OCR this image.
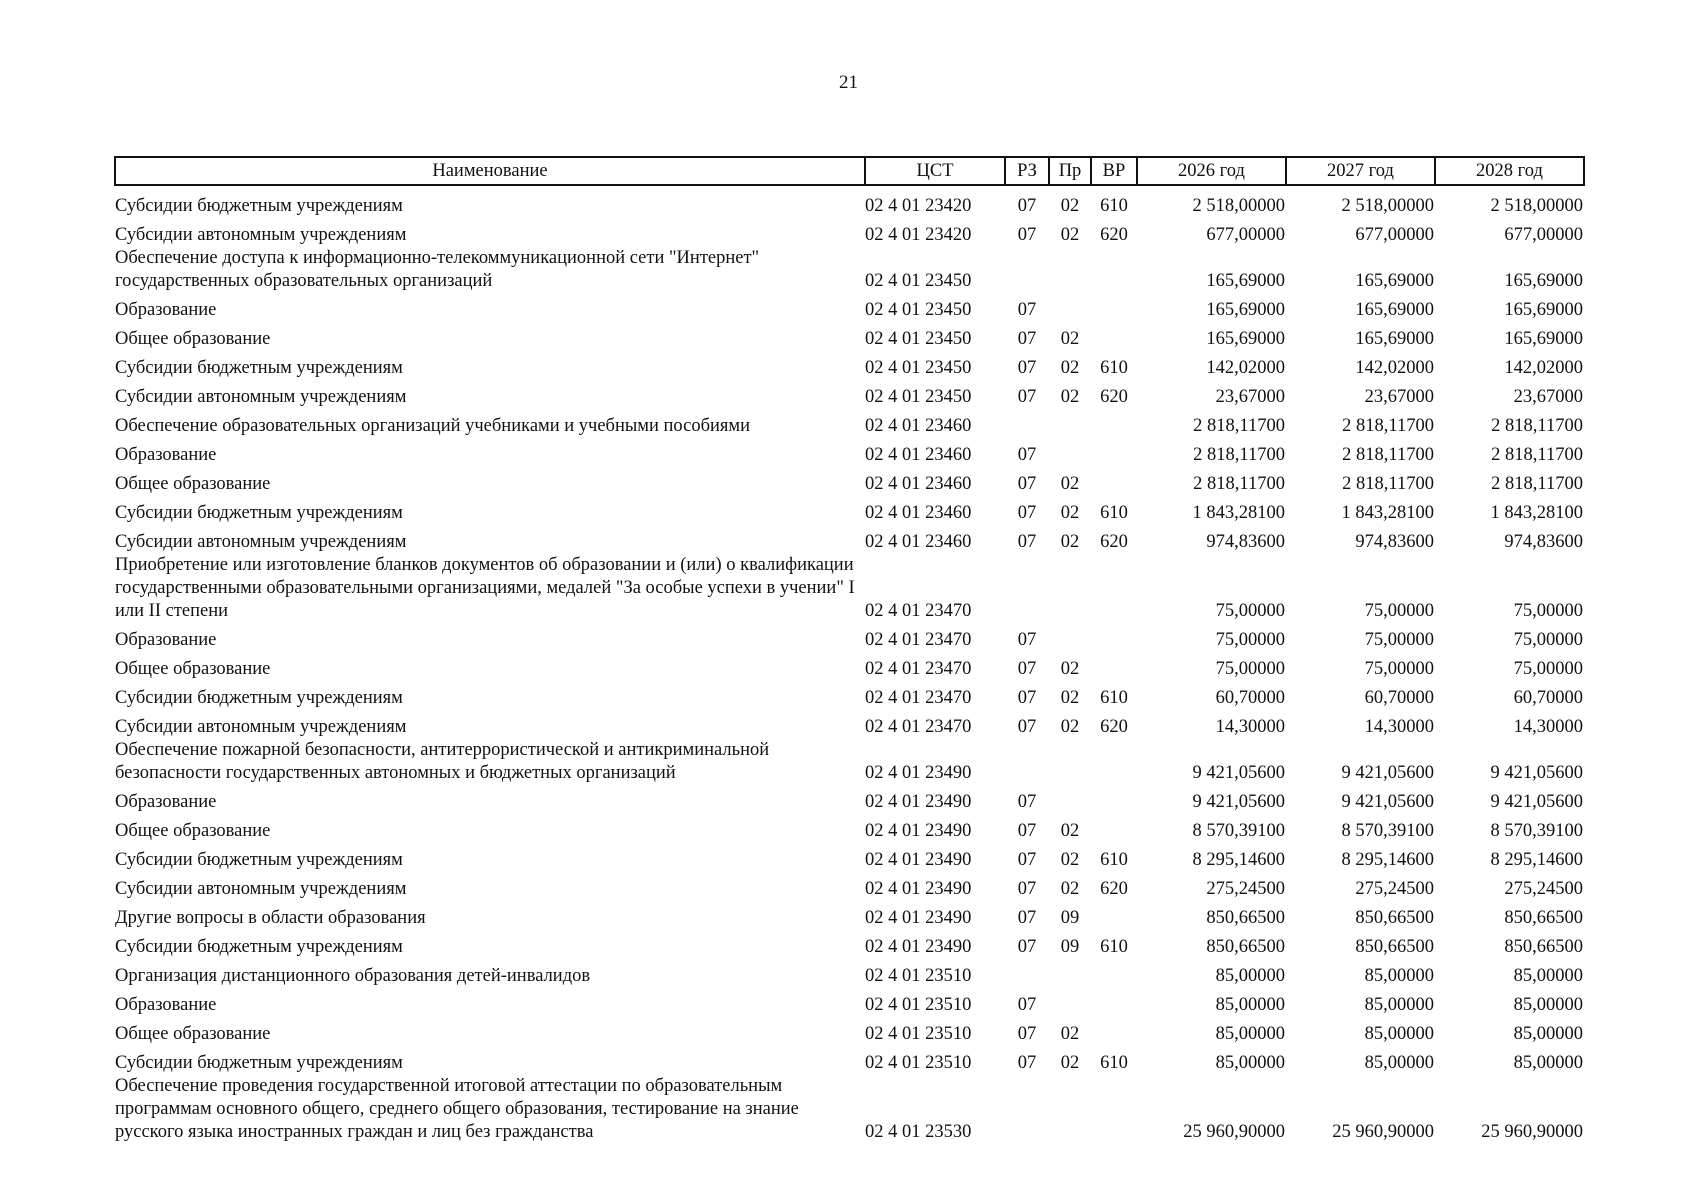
21
Наименование	ЦСТ	РЗ	Пр	ВР	2026 год	2027 год	2028 год
Субсидии бюджетным учреждениям	02 4 01 23420	07	02	610	2 518,00000	2 518,00000	2 518,00000
Субсидии автономным учреждениям	02 4 01 23420	07	02	620	677,00000	677,00000	677,00000
Обеспечение доступа к информационно-телекоммуникационной сети "Интернет" государственных образовательных организаций	02 4 01 23450				165,69000	165,69000	165,69000
Образование	02 4 01 23450	07			165,69000	165,69000	165,69000
Общее образование	02 4 01 23450	07	02		165,69000	165,69000	165,69000
Субсидии бюджетным учреждениям	02 4 01 23450	07	02	610	142,02000	142,02000	142,02000
Субсидии автономным учреждениям	02 4 01 23450	07	02	620	23,67000	23,67000	23,67000
Обеспечение образовательных организаций учебниками и учебными пособиями	02 4 01 23460				2 818,11700	2 818,11700	2 818,11700
Образование	02 4 01 23460	07			2 818,11700	2 818,11700	2 818,11700
Общее образование	02 4 01 23460	07	02		2 818,11700	2 818,11700	2 818,11700
Субсидии бюджетным учреждениям	02 4 01 23460	07	02	610	1 843,28100	1 843,28100	1 843,28100
Субсидии автономным учреждениям	02 4 01 23460	07	02	620	974,83600	974,83600	974,83600
Приобретение или изготовление бланков документов об образовании и (или) о квалификации государственными образовательными организациями, медалей "За особые успехи в учении" I или II степени	02 4 01 23470				75,00000	75,00000	75,00000
Образование	02 4 01 23470	07			75,00000	75,00000	75,00000
Общее образование	02 4 01 23470	07	02		75,00000	75,00000	75,00000
Субсидии бюджетным учреждениям	02 4 01 23470	07	02	610	60,70000	60,70000	60,70000
Субсидии автономным учреждениям	02 4 01 23470	07	02	620	14,30000	14,30000	14,30000
Обеспечение пожарной безопасности, антитеррористической и антикриминальной безопасности государственных автономных и бюджетных организаций	02 4 01 23490				9 421,05600	9 421,05600	9 421,05600
Образование	02 4 01 23490	07			9 421,05600	9 421,05600	9 421,05600
Общее образование	02 4 01 23490	07	02		8 570,39100	8 570,39100	8 570,39100
Субсидии бюджетным учреждениям	02 4 01 23490	07	02	610	8 295,14600	8 295,14600	8 295,14600
Субсидии автономным учреждениям	02 4 01 23490	07	02	620	275,24500	275,24500	275,24500
Другие вопросы в области образования	02 4 01 23490	07	09		850,66500	850,66500	850,66500
Субсидии бюджетным учреждениям	02 4 01 23490	07	09	610	850,66500	850,66500	850,66500
Организация дистанционного образования детей-инвалидов	02 4 01 23510				85,00000	85,00000	85,00000
Образование	02 4 01 23510	07			85,00000	85,00000	85,00000
Общее образование	02 4 01 23510	07	02		85,00000	85,00000	85,00000
Субсидии бюджетным учреждениям	02 4 01 23510	07	02	610	85,00000	85,00000	85,00000
Обеспечение проведения государственной итоговой аттестации по образовательным программам основного общего, среднего общего образования, тестирование на знание русского языка иностранных граждан и лиц без гражданства	02 4 01 23530				25 960,90000	25 960,90000	25 960,90000
